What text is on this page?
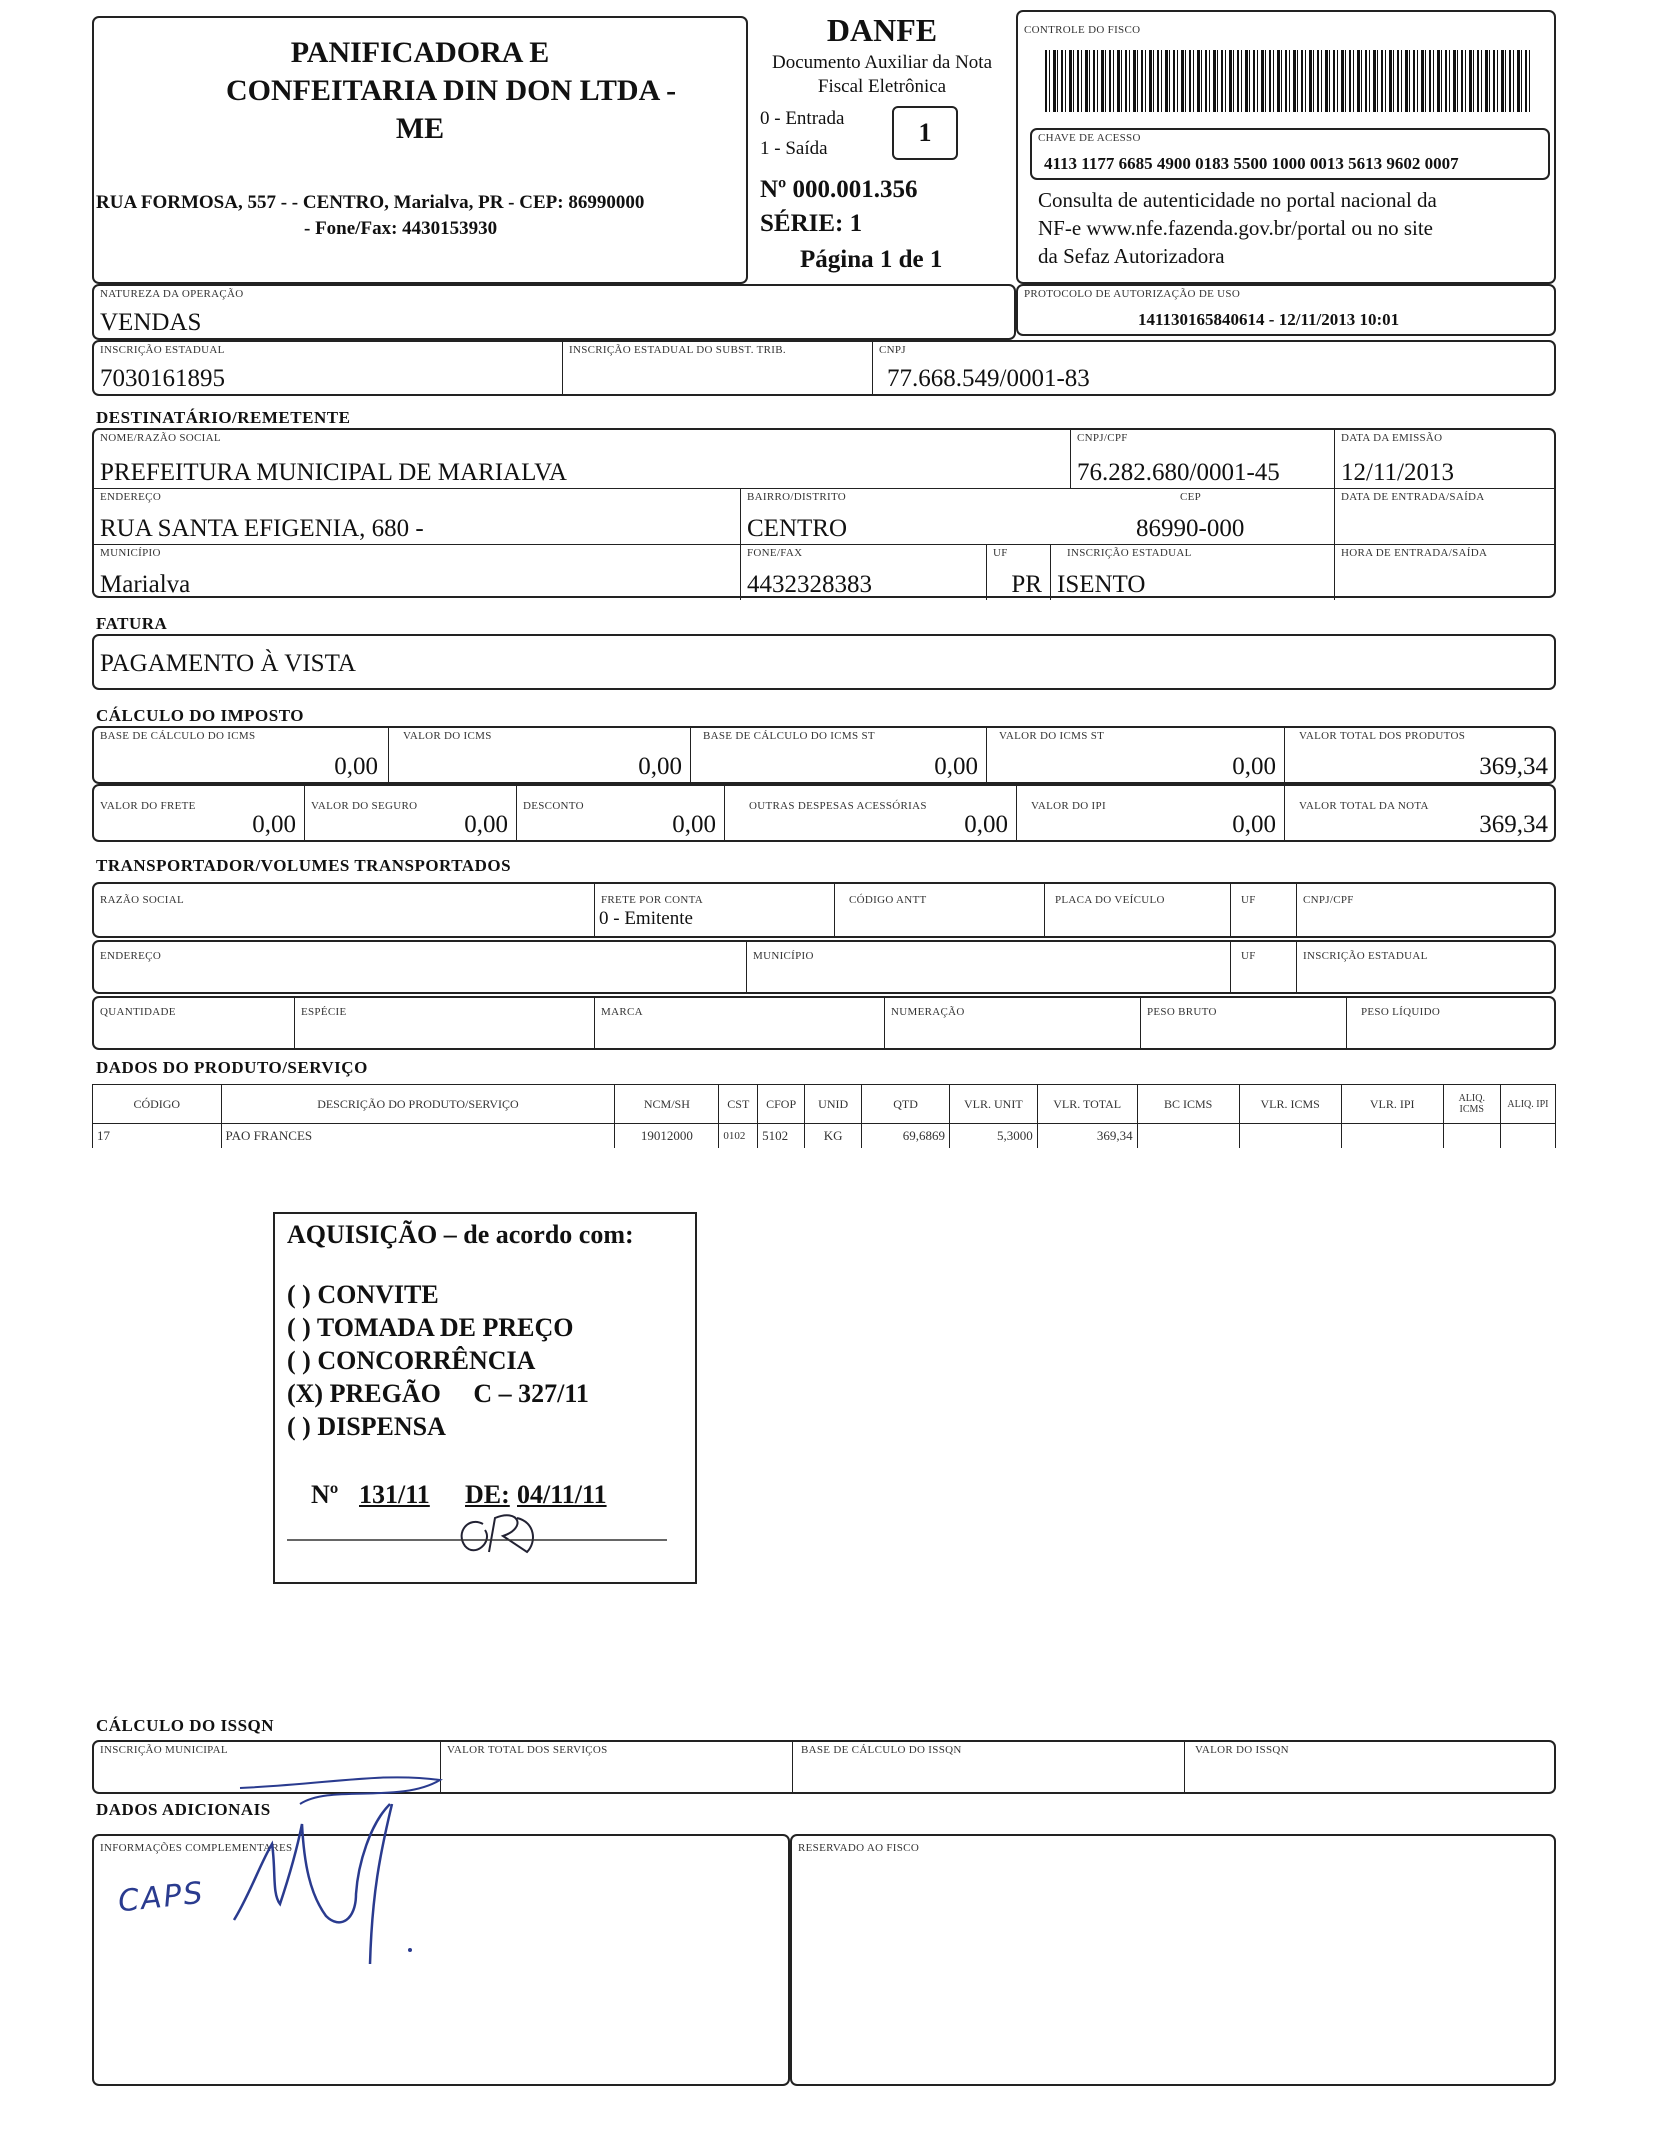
PANIFICADORA E
CONFEITARIA DIN DON LTDA -
ME
RUA FORMOSA, 557 - - CENTRO, Marialva, PR - CEP: 86990000
- Fone/Fax: 4430153930
DANFE
Documento Auxiliar da Nota
Fiscal Eletrônica
0 - Entrada
1 - Saída
1
Nº 000.001.356
SÉRIE: 1
Página 1 de 1
CONTROLE DO FISCO
CHAVE DE ACESSO
4113 1177 6685 4900 0183 5500 1000 0013 5613 9602 0007
Consulta de autenticidade no portal nacional da
NF-e www.nfe.fazenda.gov.br/portal ou no site
da Sefaz Autorizadora
NATUREZA DA OPERAÇÃO
VENDAS
PROTOCOLO DE AUTORIZAÇÃO DE USO
141130165840614 - 12/11/2013 10:01
INSCRIÇÃO ESTADUAL
7030161895
INSCRIÇÃO ESTADUAL DO SUBST. TRIB.	CNPJ
77.668.549/0001-83
DESTINATÁRIO/REMETENTE
NOME/RAZÃO SOCIAL
PREFEITURA MUNICIPAL DE MARIALVA
CNPJ/CPF
76.282.680/0001-45
DATA DA EMISSÃO
12/11/2013
ENDEREÇO
RUA SANTA EFIGENIA, 680 -
BAIRRO/DISTRITO
CENTRO
CEP
86990-000
DATA DE ENTRADA/SAÍDA
MUNICÍPIO
Marialva
FONE/FAX
4432328383
UF
PR
INSCRIÇÃO ESTADUAL
ISENTO
HORA DE ENTRADA/SAÍDA
FATURA
PAGAMENTO À VISTA
CÁLCULO DO IMPOSTO
BASE DE CÁLCULO DO ICMS
0,00
VALOR DO ICMS
0,00
BASE DE CÁLCULO DO ICMS ST
0,00
VALOR DO ICMS ST
0,00
VALOR TOTAL DOS PRODUTOS
369,34
VALOR DO FRETE
0,00
VALOR DO SEGURO
0,00
DESCONTO
0,00
OUTRAS DESPESAS ACESSÓRIAS
0,00
VALOR DO IPI
0,00
VALOR TOTAL DA NOTA
369,34
TRANSPORTADOR/VOLUMES TRANSPORTADOS
RAZÃO SOCIAL	FRETE POR CONTA
0 - Emitente
CÓDIGO ANTT	PLACA DO VEÍCULO	UF	CNPJ/CPF
ENDEREÇO	MUNICÍPIO	UF	INSCRIÇÃO ESTADUAL
QUANTIDADE	ESPÉCIE	MARCA	NUMERAÇÃO	PESO BRUTO	PESO LÍQUIDO
DADOS DO PRODUTO/SERVIÇO
CÓDIGO	DESCRIÇÃO DO PRODUTO/SERVIÇO	NCM/SH	CST	CFOP	UNID	QTD	VLR. UNIT	VLR. TOTAL	BC ICMS	VLR. ICMS	VLR. IPI	ALIQ. ICMS	ALIQ. IPI
17	PAO FRANCES	19012000	0102	5102	KG	69,6869	5,3000	369,34					
AQUISIÇÃO – de acordo com:
( ) CONVITE
( ) TOMADA DE PREÇO
( ) CONCORRÊNCIA
(X) PREGÃO     C – 327/11
( ) DISPENSA
Nº 131/11 DE: 04/11/11
CÁLCULO DO ISSQN
INSCRIÇÃO MUNICIPAL	VALOR TOTAL DOS SERVIÇOS	BASE DE CÁLCULO DO ISSQN	VALOR DO ISSQN
DADOS ADICIONAIS
INFORMAÇÕES COMPLEMENTARES
CAPS
RESERVADO AO FISCO
